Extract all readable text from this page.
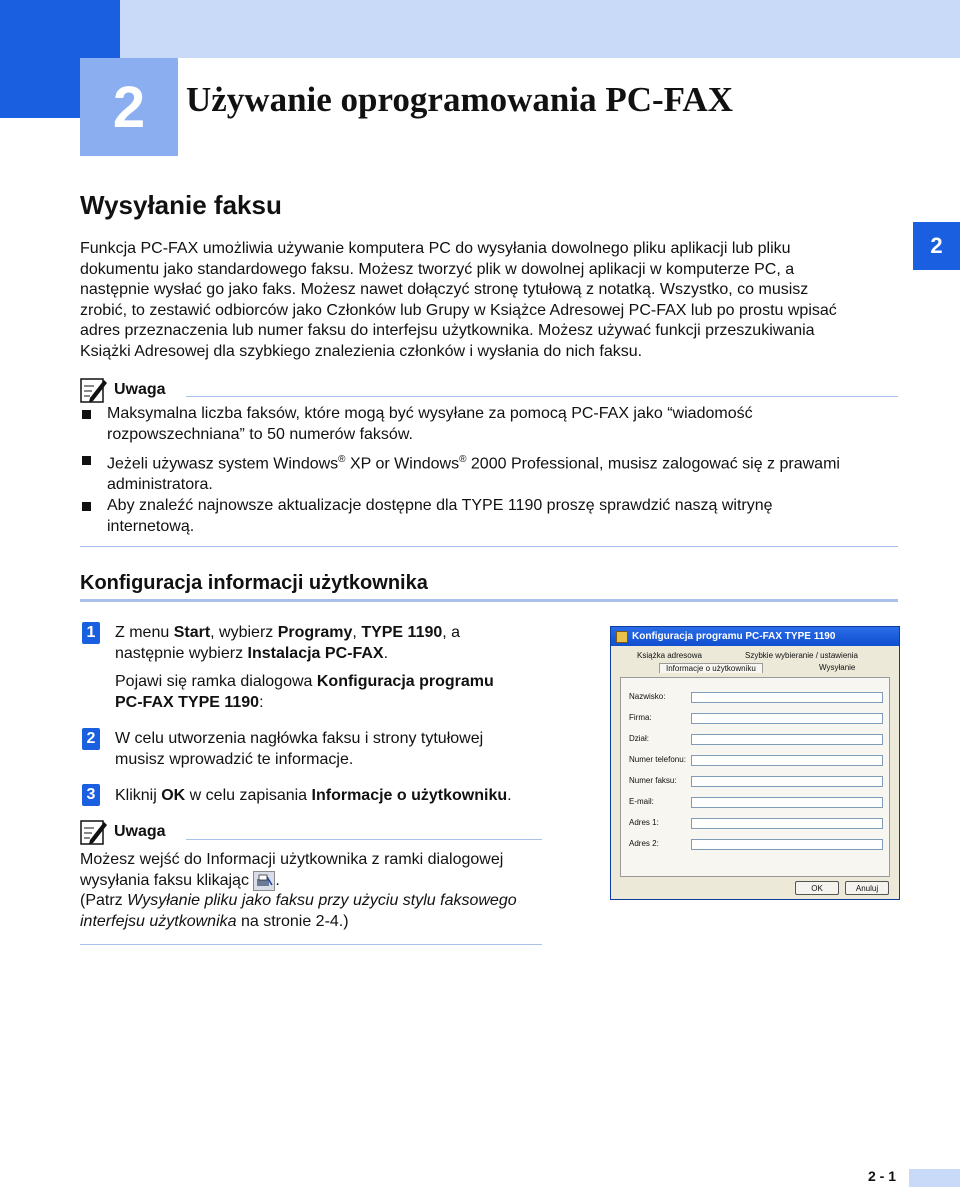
2	Używanie oprogramowania PC-FAX
Wysyłanie faksu
2
Funkcja PC-FAX umożliwia używanie komputera PC do wysyłania dowolnego pliku aplikacji lub pliku
dokumentu jako standardowego faksu. Możesz tworzyć plik w dowolnej aplikacji w komputerze PC, a
następnie wysłać go jako faks. Możesz nawet dołączyć stronę tytułową z notatką. Wszystko, co musisz
zrobić, to zestawić odbiorców jako Członków lub Grupy w Książce Adresowej PC-FAX lub po prostu wpisać
adres przeznaczenia lub numer faksu do interfejsu użytkownika. Możesz używać funkcji przeszukiwania
Książki Adresowej dla szybkiego znalezienia członków i wysłania do nich faksu.
Uwaga
Maksymalna liczba faksów, które mogą być wysyłane za pomocą PC-FAX jako “wiadomość
rozpowszechniana” to 50 numerów faksów.
Jeżeli używasz system Windows® XP or Windows® 2000 Professional, musisz zalogować się z prawami
administratora.
Aby znaleźć najnowsze aktualizacje dostępne dla TYPE 1190 proszę sprawdzić naszą witrynę
internetową.
Konfiguracja informacji użytkownika
1 Z menu Start, wybierz Programy, TYPE 1190, a
następnie wybierz Instalacja PC-FAX.
Pojawi się ramka dialogowa Konfiguracja programu
PC-FAX TYPE 1190:
2 W celu utworzenia nagłówka faksu i strony tytułowej
musisz wprowadzić te informacje.
3 Kliknij OK w celu zapisania Informacje o użytkowniku.
Uwaga
Możesz wejść do Informacji użytkownika z ramki dialogowej
wysyłania faksu klikając .
(Patrz Wysyłanie pliku jako faksu przy użyciu stylu faksowego
interfejsu użytkownika na stronie 2-4.)
Konfiguracja programu PC-FAX TYPE 1190
Książka adresowa	Szybkie wybieranie / ustawienia
Informacje o użytkowniku	Wysyłanie
Nazwisko:
Firma:
Dział:
Numer telefonu:
Numer faksu:
E-mail:
Adres 1:
Adres 2:
OK	Anuluj
2 - 1
